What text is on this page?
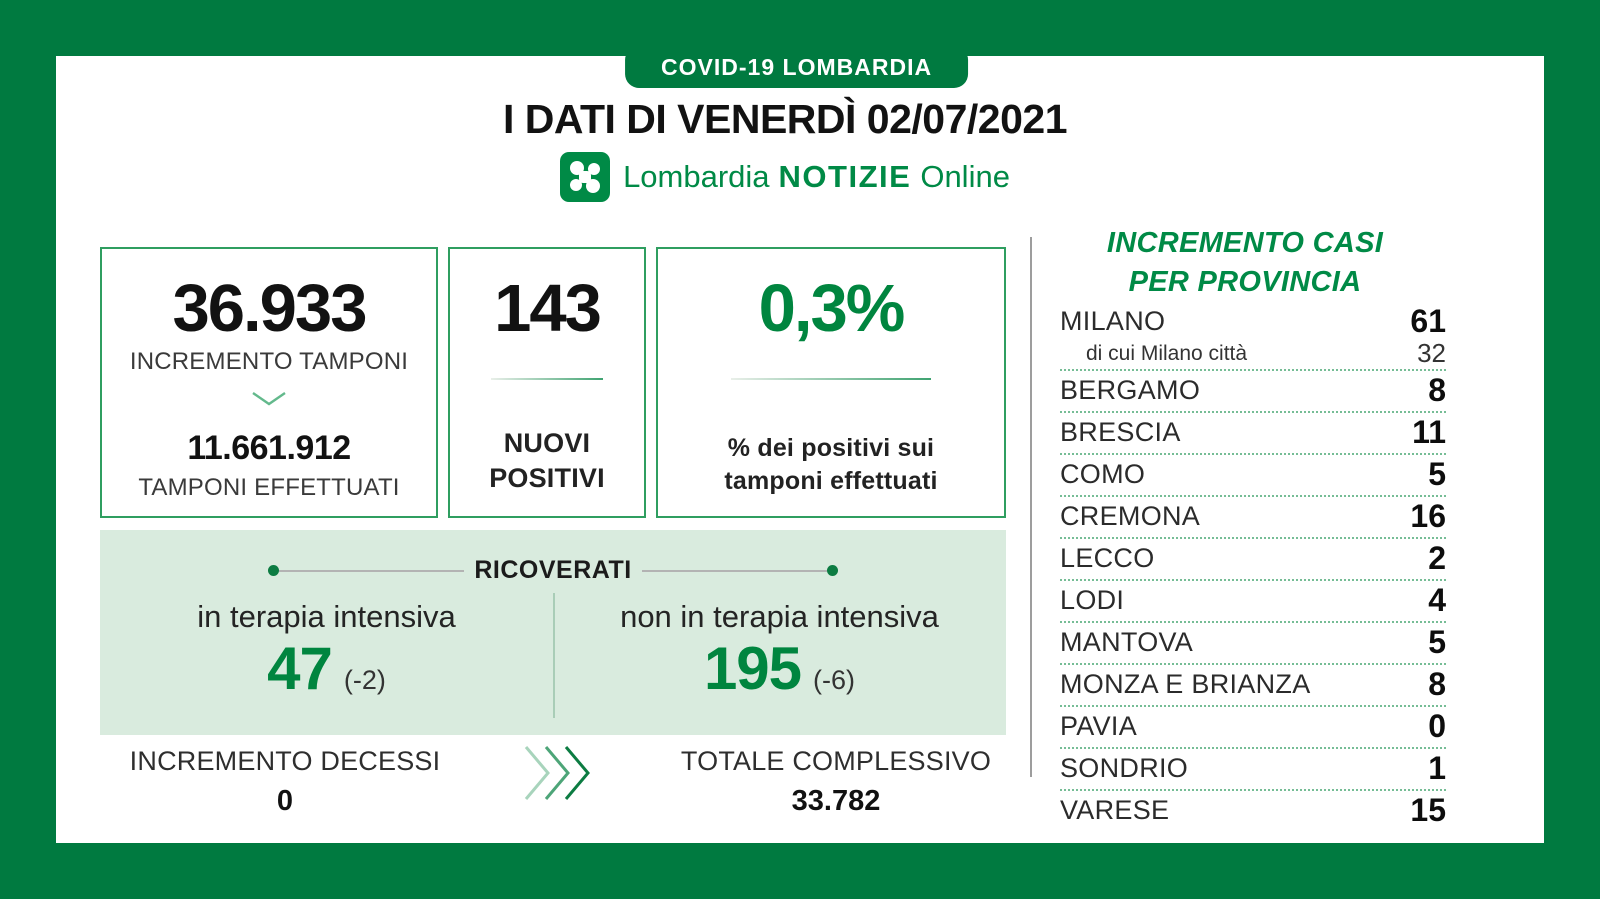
COVID-19 LOMBARDIA
I DATI DI VENERDÌ 02/07/2021
Lombardia NOTIZIE Online
36.933
INCREMENTO TAMPONI
11.661.912
TAMPONI EFFETTUATI
143
NUOVI POSITIVI
0,3%
% dei positivi sui tamponi effettuati
RICOVERATI
in terapia intensiva
47 (-2)
non in terapia intensiva
195 (-6)
INCREMENTO DECESSI
0
TOTALE COMPLESSIVO
33.782
INCREMENTO CASI
PER PROVINCIA
MILANO	61
di cui Milano città	32
BERGAMO	8
BRESCIA	11
COMO	5
CREMONA	16
LECCO	2
LODI	4
MANTOVA	5
MONZA E BRIANZA	8
PAVIA	0
SONDRIO	1
VARESE	15
